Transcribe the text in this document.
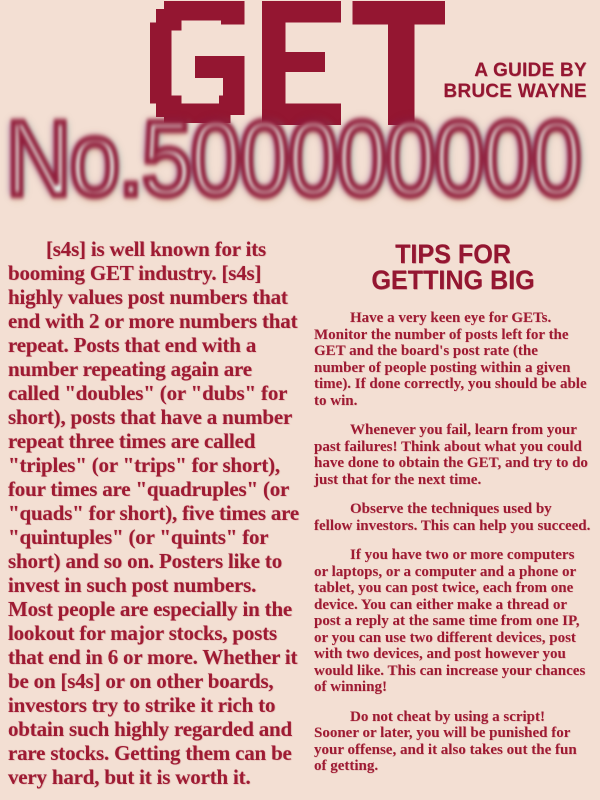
A GUIDE BY
BRUCE WAYNE
No.500000000

[s4s] is well known for its booming GET industry. [s4s] highly values post numbers that end with 2 or more numbers that repeat. Posts that end with a number repeating again are called "doubles" (or "dubs" for short), posts that have a number repeat three times are called "triples" (or "trips" for short), four times are "quadruples" (or "quads" for short), five times are "quintuples" (or "quints" for short) and so on. Posters like to invest in such post numbers. Most people are especially in the lookout for major stocks, posts that end in 6 or more. Whether it be on [s4s] or on other boards, investors try to strike it rich to obtain such highly regarded and rare stocks. Getting them can be very hard, but it is worth it.

TIPS FOR
GETTING BIG

Have a very keen eye for GETs. Monitor the number of posts left for the GET and the board's post rate (the number of people posting within a given time). If done correctly, you should be able to win.

Whenever you fail, learn from your past failures! Think about what you could have done to obtain the GET, and try to do just that for the next time.

Observe the techniques used by fellow investors. This can help you succeed.

If you have two or more computers or laptops, or a computer and a phone or tablet, you can post twice, each from one device. You can either make a thread or post a reply at the same time from one IP, or you can use two different devices, post with two devices, and post however you would like. This can increase your chances of winning!

Do not cheat by using a script! Sooner or later, you will be punished for your offense, and it also takes out the fun of getting.
